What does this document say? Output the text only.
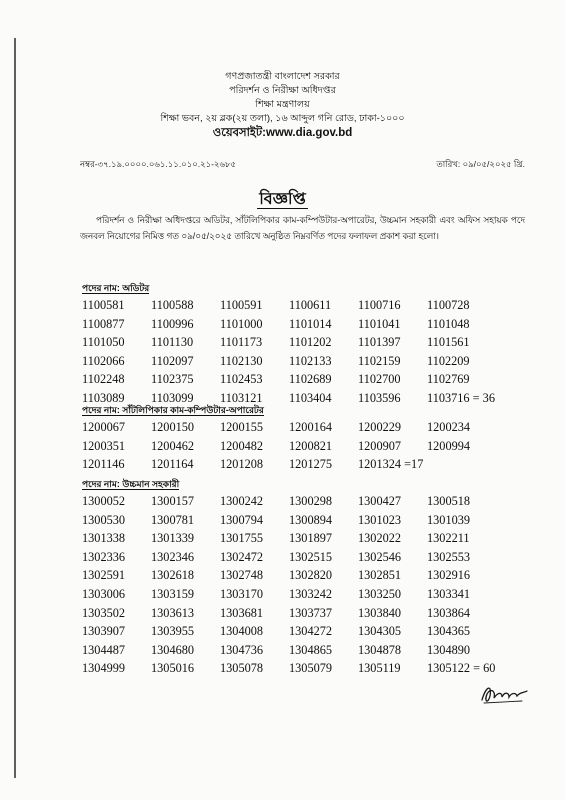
গণপ্রজাতন্ত্রী বাংলাদেশ সরকার
পরিদর্শন ও নিরীক্ষা অধিদপ্তর
শিক্ষা মন্ত্রণালয়
শিক্ষা ভবন, ২য় ব্লক(২য় তলা), ১৬ আব্দুল গনি রোড, ঢাকা-১০০০
ওয়েবসাইট:www.dia.gov.bd
নম্বর-৩৭.১৯.০০০০.০৬১.১১.০১০.২১-২৬৮৫	তারিখ: ০৯/০৫/২০২৫ খ্রি.
বিজ্ঞপ্তি
পরিদর্শন ও নিরীক্ষা অধিদপ্তরে অডিটর, সাঁটলিপিকার কাম-কম্পিউটার-অপারেটর, উচ্চমান সহকারী এবং অফিস সহায়ক পদে জনবল নিয়োগের নিমিত্ত গত ০৯/০৫/২০২৫ তারিখে অনুষ্ঠিত নিম্নবর্ণিত পদের ফলাফল প্রকাশ করা হলো।
পদের নাম: অডিটর
1100581	1100588	1100591	1100611	1100716	1100728
1100877	1100996	1101000	1101014	1101041	1101048
1101050	1101130	1101173	1101202	1101397	1101561
1102066	1102097	1102130	1102133	1102159	1102209
1102248	1102375	1102453	1102689	1102700	1102769
1103089	1103099	1103121	1103404	1103596	1103716 = 36
পদের নাম: সাঁটলিপিকার কাম-কম্পিউটার-অপারেটর
1200067	1200150	1200155	1200164	1200229	1200234
1200351	1200462	1200482	1200821	1200907	1200994
1201146	1201164	1201208	1201275	1201324 =17
পদের নাম: উচ্চমান সহকারী
1300052	1300157	1300242	1300298	1300427	1300518
1300530	1300781	1300794	1300894	1301023	1301039
1301338	1301339	1301755	1301897	1302022	1302211
1302336	1302346	1302472	1302515	1302546	1302553
1302591	1302618	1302748	1302820	1302851	1302916
1303006	1303159	1303170	1303242	1303250	1303341
1303502	1303613	1303681	1303737	1303840	1303864
1303907	1303955	1304008	1304272	1304305	1304365
1304487	1304680	1304736	1304865	1304878	1304890
1304999	1305016	1305078	1305079	1305119	1305122 = 60
